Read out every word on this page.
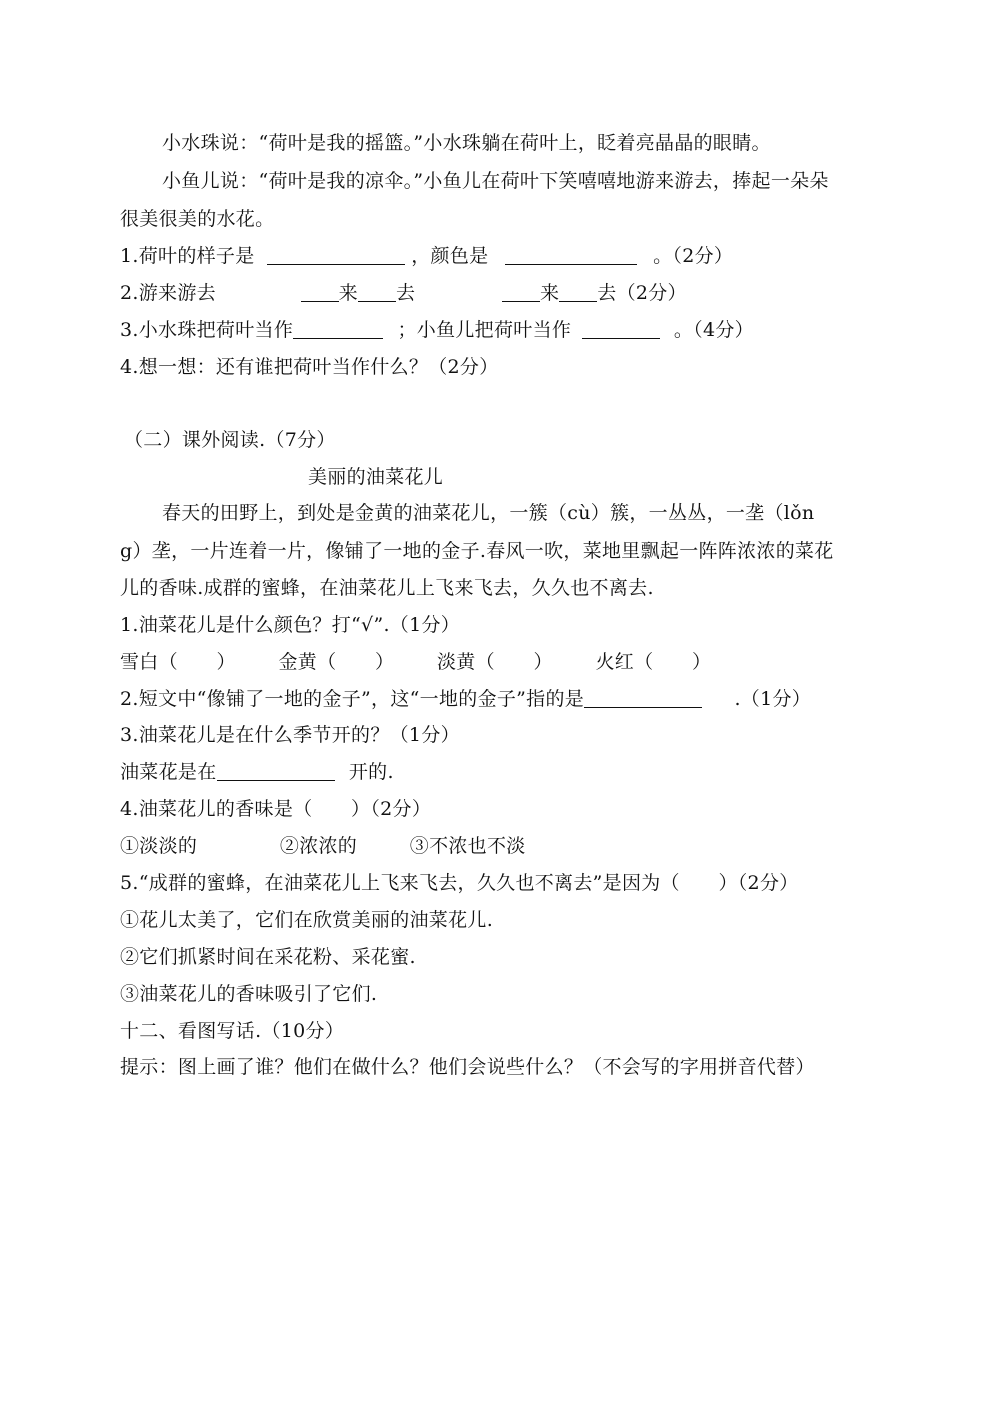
小水珠说：“荷叶是我的摇篮。”小水珠躺在荷叶上，眨着亮晶晶的眼睛。
小鱼儿说：“荷叶是我的凉伞。”小鱼儿在荷叶下笑嘻嘻地游来游去，捧起一朵朵
很美很美的水花。
1.荷叶的样子是	，颜色是	。（2分）
2.游来游去	来 去	来 去（2分）
3.小水珠把荷叶当作	；小鱼儿把荷叶当作	。（4分）
4.想一想：还有谁把荷叶当作什么？（2分）
（二）课外阅读.（7分）
美丽的油菜花儿
春天的田野上，到处是金黄的油菜花儿，一簇（cù）簇，一丛丛，一垄（lǒn
g）垄，一片连着一片，像铺了一地的金子.春风一吹，菜地里飘起一阵阵浓浓的菜花
儿的香味.成群的蜜蜂，在油菜花儿上飞来飞去，久久也不离去.
1.油菜花儿是什么颜色？打“√”.（1分）
雪白（　　） 金黄（　　） 淡黄（　　） 火红（　　）
2.短文中“像铺了一地的金子”，这“一地的金子”指的是	.（1分）
3.油菜花儿是在什么季节开的？（1分）
油菜花是在	开的.
4.油菜花儿的香味是（　　）（2分）
①淡淡的	②浓浓的	③不浓也不淡
5.“成群的蜜蜂，在油菜花儿上飞来飞去，久久也不离去”是因为（　　）（2分）
①花儿太美了，它们在欣赏美丽的油菜花儿.
②它们抓紧时间在采花粉、采花蜜.
③油菜花儿的香味吸引了它们.
十二、看图写话.（10分）
提示：图上画了谁？他们在做什么？他们会说些什么？（不会写的字用拼音代替）
